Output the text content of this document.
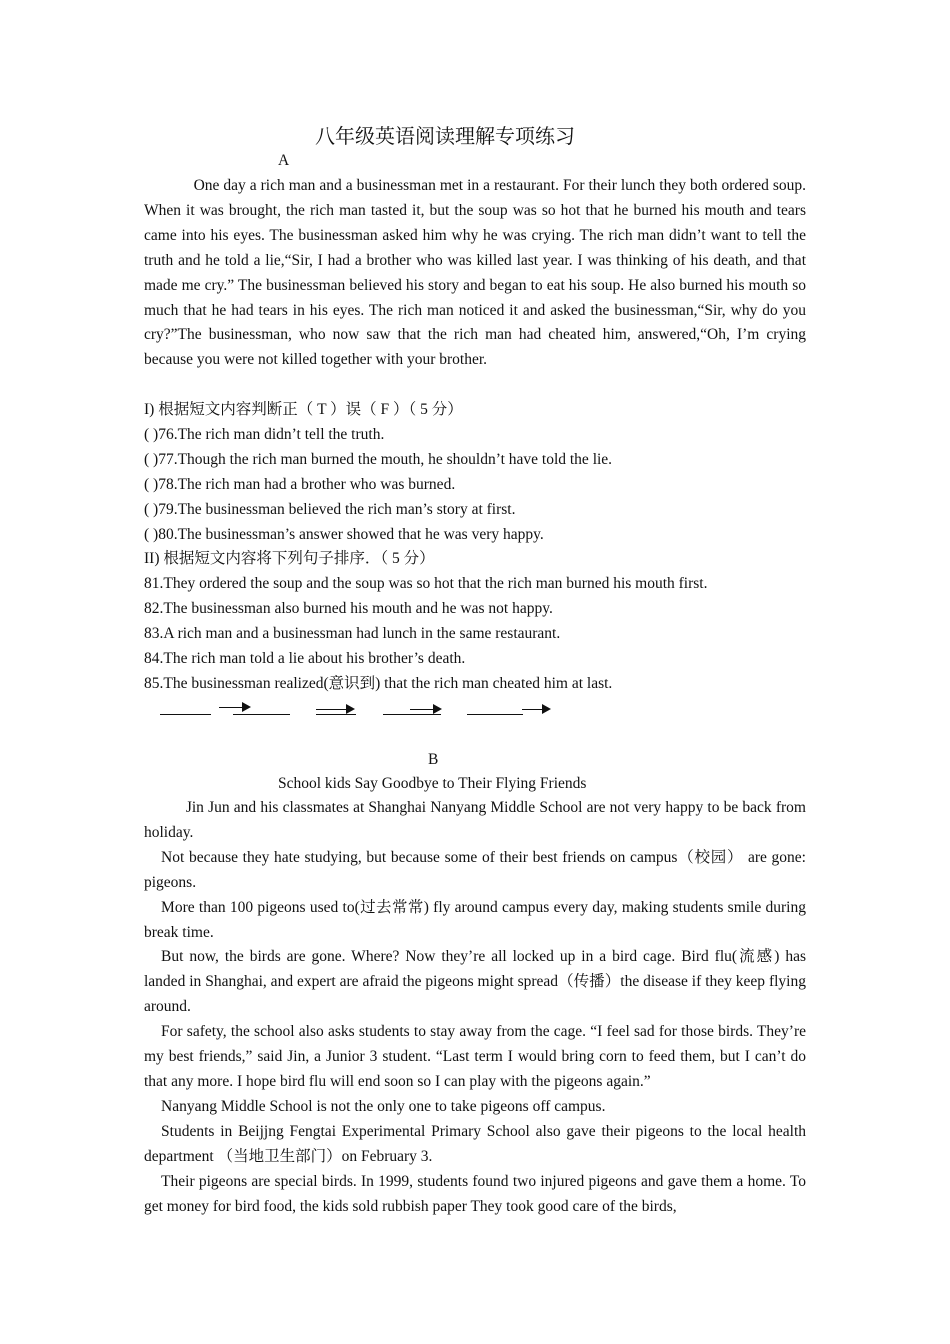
八年级英语阅读理解专项练习
A

One day a rich man and a businessman met in a restaurant. For their lunch they both ordered soup. When it was brought, the rich man tasted it, but the soup was so hot that he burned his mouth and tears came into his eyes. The businessman asked him why he was crying. The rich man didn’t want to tell the truth and he told a lie,“Sir, I had a brother who was killed last year. I was thinking of his death, and that made me cry.” The businessman believed his story and began to eat his soup. He also burned his mouth so much that he had tears in his eyes. The rich man noticed it and asked the businessman,“Sir, why do you cry?”The businessman, who now saw that the rich man had cheated him, answered,“Oh, I’m crying because you were not killed together with your brother.

I) 根据短文内容判断正（ T ）误（ F ）（ 5 分）
( )76.The rich man didn’t tell the truth.
( )77.Though the rich man burned the mouth, he shouldn’t have told the lie.
( )78.The rich man had a brother who was burned.
( )79.The businessman believed the rich man’s story at first.
( )80.The businessman’s answer showed that he was very happy.
II) 根据短文内容将下列句子排序．（ 5 分）
81.They ordered the soup and the soup was so hot that the rich man burned his mouth first.
82.The businessman also burned his mouth and he was not happy.
83.A rich man and a businessman had lunch in the same restaurant.
84.The rich man told a lie about his brother’s death.
85.The businessman realized(意识到) that the rich man cheated him at last.
B
School kids Say Goodbye to Their Flying Friends

Jin Jun and his classmates at Shanghai Nanyang Middle School are not very happy to be back from holiday.

Not because they hate studying, but because some of their best friends on campus（校园） are gone: pigeons.

More than 100 pigeons used to(过去常常) fly around campus every day, making students smile during break time.

But now, the birds are gone. Where? Now they’re all locked up in a bird cage. Bird flu(流感) has landed in Shanghai, and expert are afraid the pigeons might spread（传播）the disease if they keep flying around.

For safety, the school also asks students to stay away from the cage. “I feel sad for those birds. They’re my best friends,” said Jin, a Junior 3 student. “Last term I would bring corn to feed them, but I can’t do that any more. I hope bird flu will end soon so I can play with the pigeons again.”

Nanyang Middle School is not the only one to take pigeons off campus.

Students in Beijjng Fengtai Experimental Primary School also gave their pigeons to the local health department （当地卫生部门）on February 3.

Their pigeons are special birds. In 1999, students found two injured pigeons and gave them a home. To get money for bird food, the kids sold rubbish paper They took good care of the birds,
